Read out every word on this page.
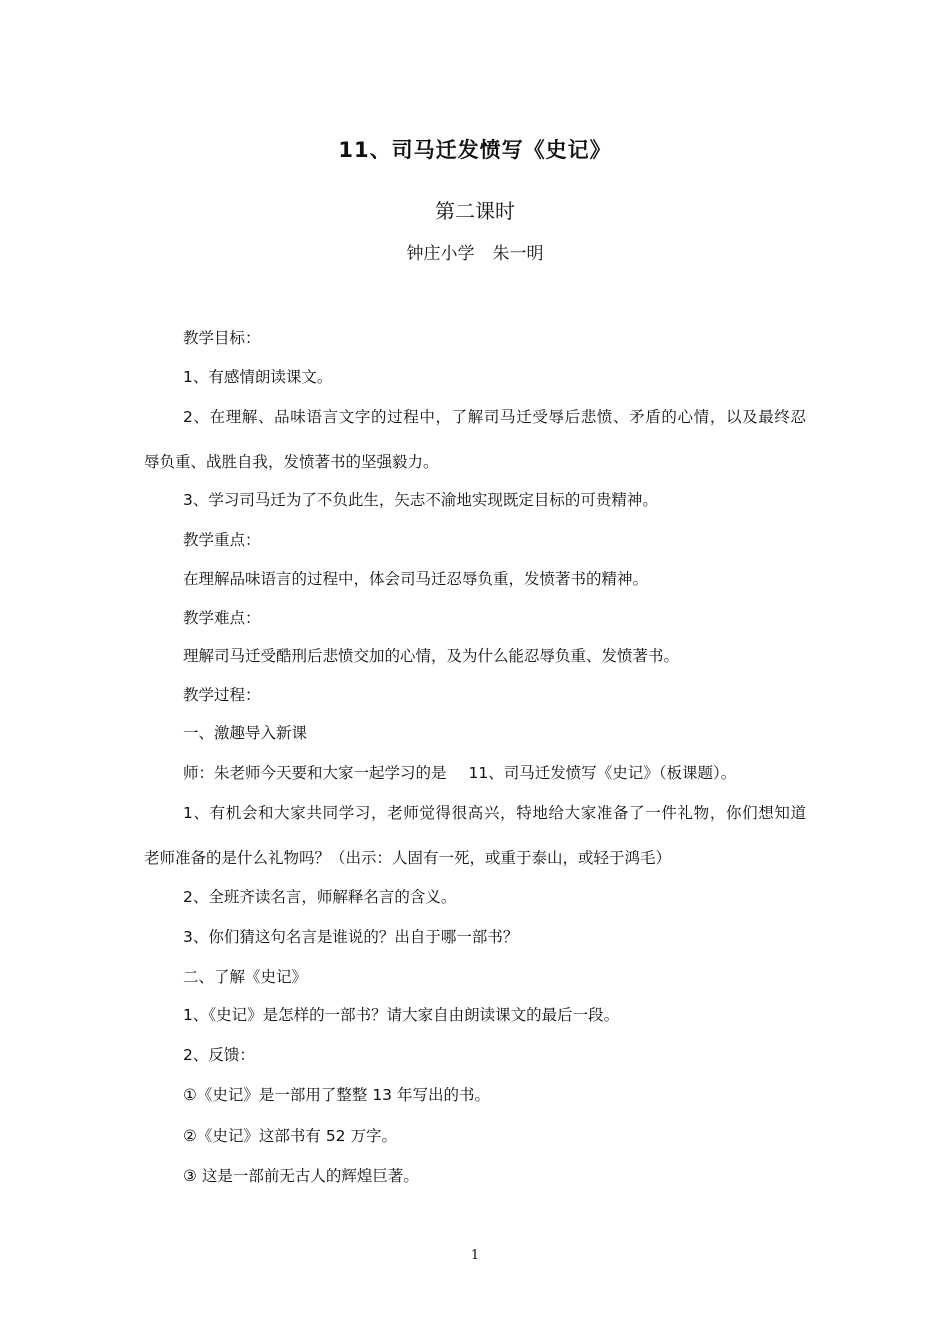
11、司马迁发愤写《史记》
第二课时
钟庄小学 朱一明
教学目标：
1、有感情朗读课文。
2、在理解、品味语言文字的过程中，了解司马迁受辱后悲愤、矛盾的心情，以及最终忍
辱负重、战胜自我，发愤著书的坚强毅力。
3、学习司马迁为了不负此生，矢志不渝地实现既定目标的可贵精神。
教学重点：
在理解品味语言的过程中，体会司马迁忍辱负重，发愤著书的精神。
教学难点：
理解司马迁受酷刑后悲愤交加的心情，及为什么能忍辱负重、发愤著书。
教学过程：
一、激趣导入新课
师：朱老师今天要和大家一起学习的是 11、司马迁发愤写《史记》（板课题）。
1、有机会和大家共同学习，老师觉得很高兴，特地给大家准备了一件礼物，你们想知道
老师准备的是什么礼物吗？（出示：人固有一死，或重于泰山，或轻于鸿毛）
2、全班齐读名言，师解释名言的含义。
3、你们猜这句名言是谁说的？出自于哪一部书？
二、了解《史记》
1、《史记》是怎样的一部书？请大家自由朗读课文的最后一段。
2、反馈：
①《史记》是一部用了整整 13 年写出的书。
②《史记》这部书有 52 万字。
③ 这是一部前无古人的辉煌巨著。
1
